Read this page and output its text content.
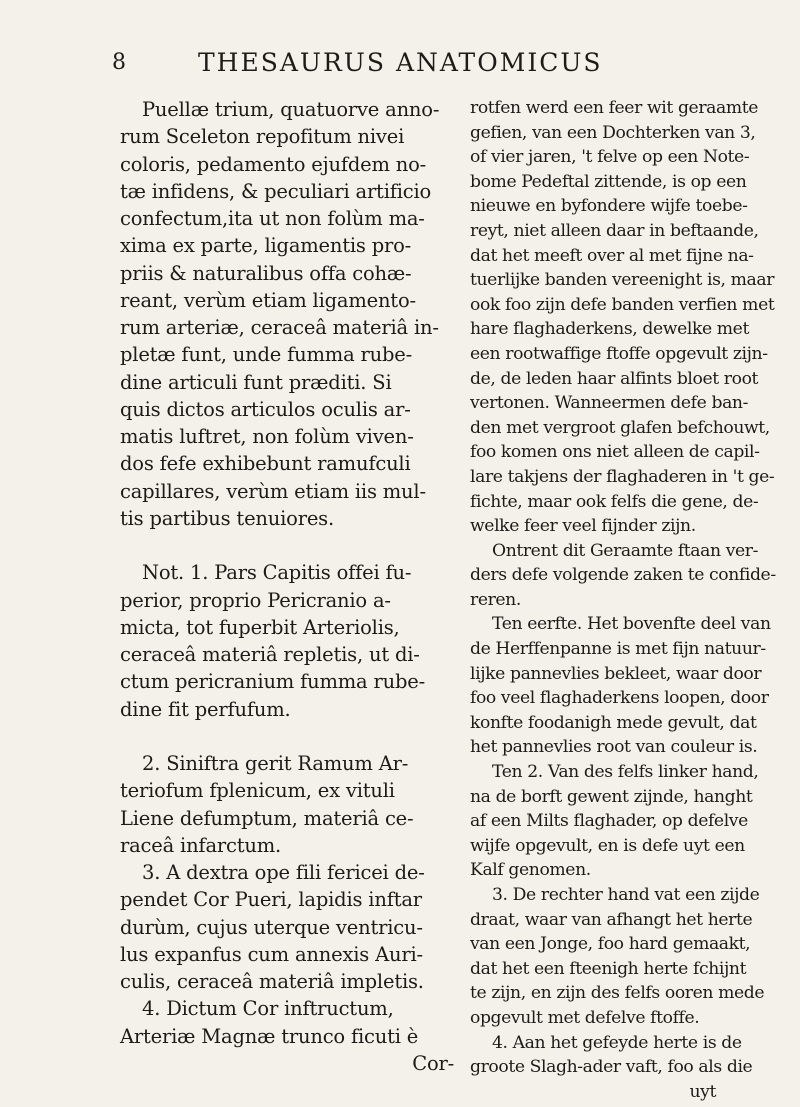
8	THESAURUS ANATOMICUS
Puellæ trium, quatuorve anno-
rum Sceleton repofitum nivei
coloris, pedamento ejufdem no-
tæ infidens, & peculiari artificio
confectum,ita ut non folùm ma-
xima ex parte, ligamentis pro-
priis & naturalibus offa cohæ-
reant, verùm etiam ligamento-
rum arteriæ, ceraceâ materiâ in-
pletæ funt, unde fumma rube-
dine articuli funt præditi. Si
quis dictos articulos oculis ar-
matis luftret, non folùm viven-
dos fefe exhibebunt ramufculi
capillares, verùm etiam iis mul-
tis partibus tenuiores.

Not. 1. Pars Capitis offei fu-
perior, proprio Pericranio a-
micta, tot fuperbit Arteriolis,
ceraceâ materiâ repletis, ut di-
ctum pericranium fumma rube-
dine fit perfufum.

2. Siniftra gerit Ramum Ar-
teriofum fplenicum, ex vituli
Liene defumptum, materiâ ce-
raceâ infarctum.
3. A dextra ope fili fericei de-
pendet Cor Pueri, lapidis inftar
durùm, cujus uterque ventricu-
lus expanfus cum annexis Auri-
culis, ceraceâ materiâ impletis.
4. Dictum Cor inftructum,
Arteriæ Magnæ trunco ficuti è
Cor-
rotfen werd een feer wit geraamte
gefien, van een Dochterken van 3,
of vier jaren, 't felve op een Note-
bome Pedeftal zittende, is op een
nieuwe en byfondere wijfe toebe-
reyt, niet alleen daar in beftaande,
dat het meeft over al met fijne na-
tuerlijke banden vereenight is, maar
ook foo zijn defe banden verfien met
hare flaghaderkens, dewelke met
een rootwaffige ftoffe opgevult zijn-
de, de leden haar alfints bloet root
vertonen. Wanneermen defe ban-
den met vergroot glafen befchouwt,
foo komen ons niet alleen de capil-
lare takjens der flaghaderen in 't ge-
fichte, maar ook felfs die gene, de-
welke feer veel fijnder zijn.
Ontrent dit Geraamte ftaan ver-
ders defe volgende zaken te confide-
reren.
Ten eerfte. Het bovenfte deel van
de Herffenpanne is met fijn natuur-
lijke pannevlies bekleet, waar door
foo veel flaghaderkens loopen, door
konfte foodanigh mede gevult, dat
het pannevlies root van couleur is.
Ten 2. Van des felfs linker hand,
na de borft gewent zijnde, hanght
af een Milts flaghader, op defelve
wijfe opgevult, en is defe uyt een
Kalf genomen.
3. De rechter hand vat een zijde
draat, waar van afhangt het herte
van een Jonge, foo hard gemaakt,
dat het een fteenigh herte fchijnt
te zijn, en zijn des felfs ooren mede
opgevult met defelve ftoffe.
4. Aan het gefeyde herte is de
groote Slagh-ader vaft, foo als die
uyt
